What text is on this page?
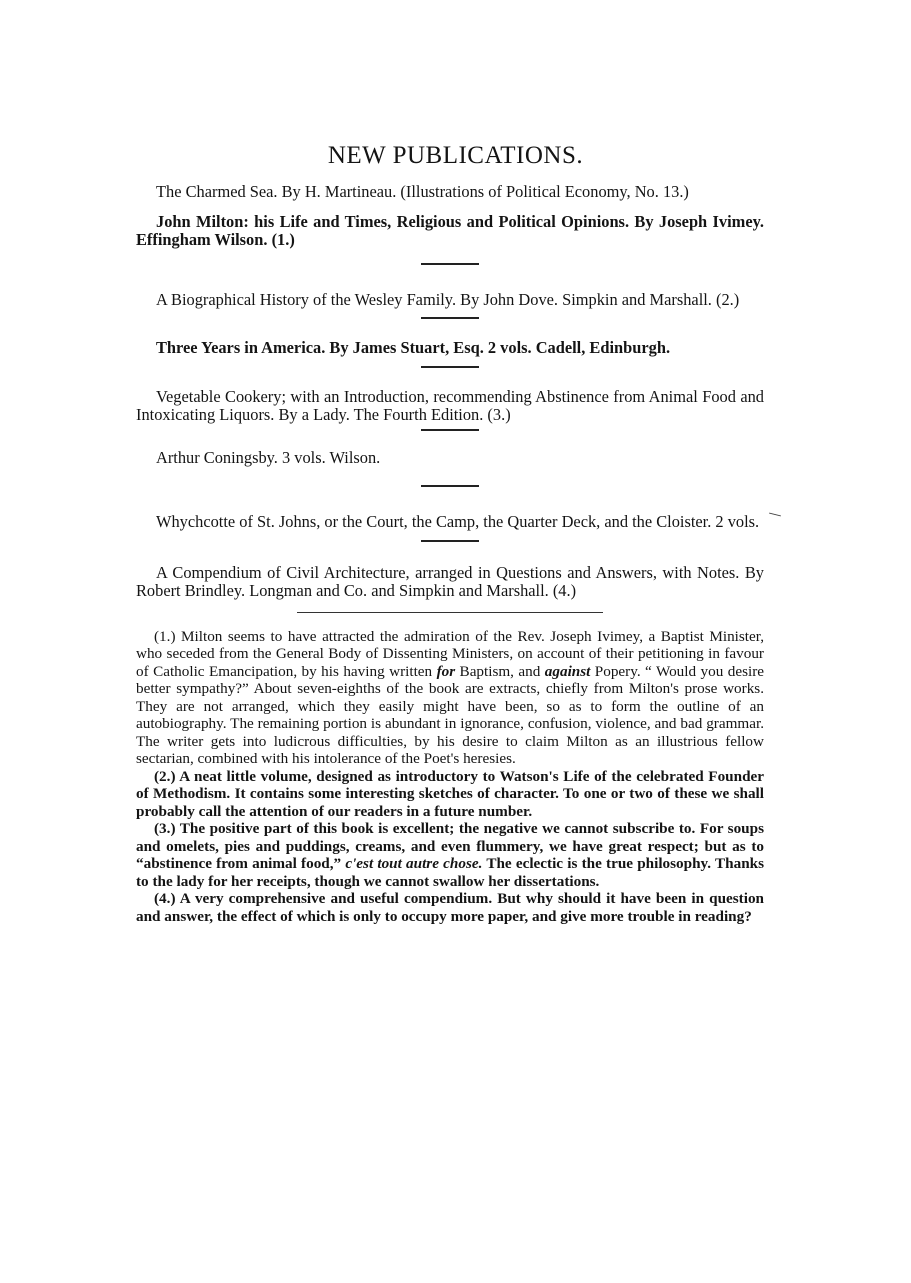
NEW PUBLICATIONS.

The Charmed Sea. By H. Martineau. (Illustrations of Political Economy, No. 13.)

John Milton: his Life and Times, Religious and Political Opinions. By Joseph Ivimey. Effingham Wilson. (1.)

A Biographical History of the Wesley Family. By John Dove. Simpkin and Marshall. (2.)

Three Years in America. By James Stuart, Esq. 2 vols. Cadell, Edinburgh.

Vegetable Cookery; with an Introduction, recommending Abstinence from Animal Food and Intoxicating Liquors. By a Lady. The Fourth Edition. (3.)

Arthur Coningsby. 3 vols. Wilson.

Whychcotte of St. Johns, or the Court, the Camp, the Quarter Deck, and the Cloister. 2 vols.

A Compendium of Civil Architecture, arranged in Questions and Answers, with Notes. By Robert Brindley. Longman and Co. and Simpkin and Marshall. (4.)

(1.) Milton seems to have attracted the admiration of the Rev. Joseph Ivimey, a Baptist Minister, who seceded from the General Body of Dissenting Ministers, on account of their petitioning in favour of Catholic Emancipation, by his having written for Baptism, and against Popery. “ Would you desire better sympathy?” About seven-eighths of the book are extracts, chiefly from Milton's prose works. They are not arranged, which they easily might have been, so as to form the outline of an autobiography. The remaining portion is abundant in ignorance, confusion, violence, and bad grammar. The writer gets into ludicrous difficulties, by his desire to claim Milton as an illustrious fellow sectarian, combined with his intolerance of the Poet's heresies.

(2.) A neat little volume, designed as introductory to Watson's Life of the celebrated Founder of Methodism. It contains some interesting sketches of character. To one or two of these we shall probably call the attention of our readers in a future number.

(3.) The positive part of this book is excellent; the negative we cannot subscribe to. For soups and omelets, pies and puddings, creams, and even flummery, we have great respect; but as to “abstinence from animal food,” c'est tout autre chose. The eclectic is the true philosophy. Thanks to the lady for her receipts, though we cannot swallow her dissertations.

(4.) A very comprehensive and useful compendium. But why should it have been in question and answer, the effect of which is only to occupy more paper, and give more trouble in reading?
